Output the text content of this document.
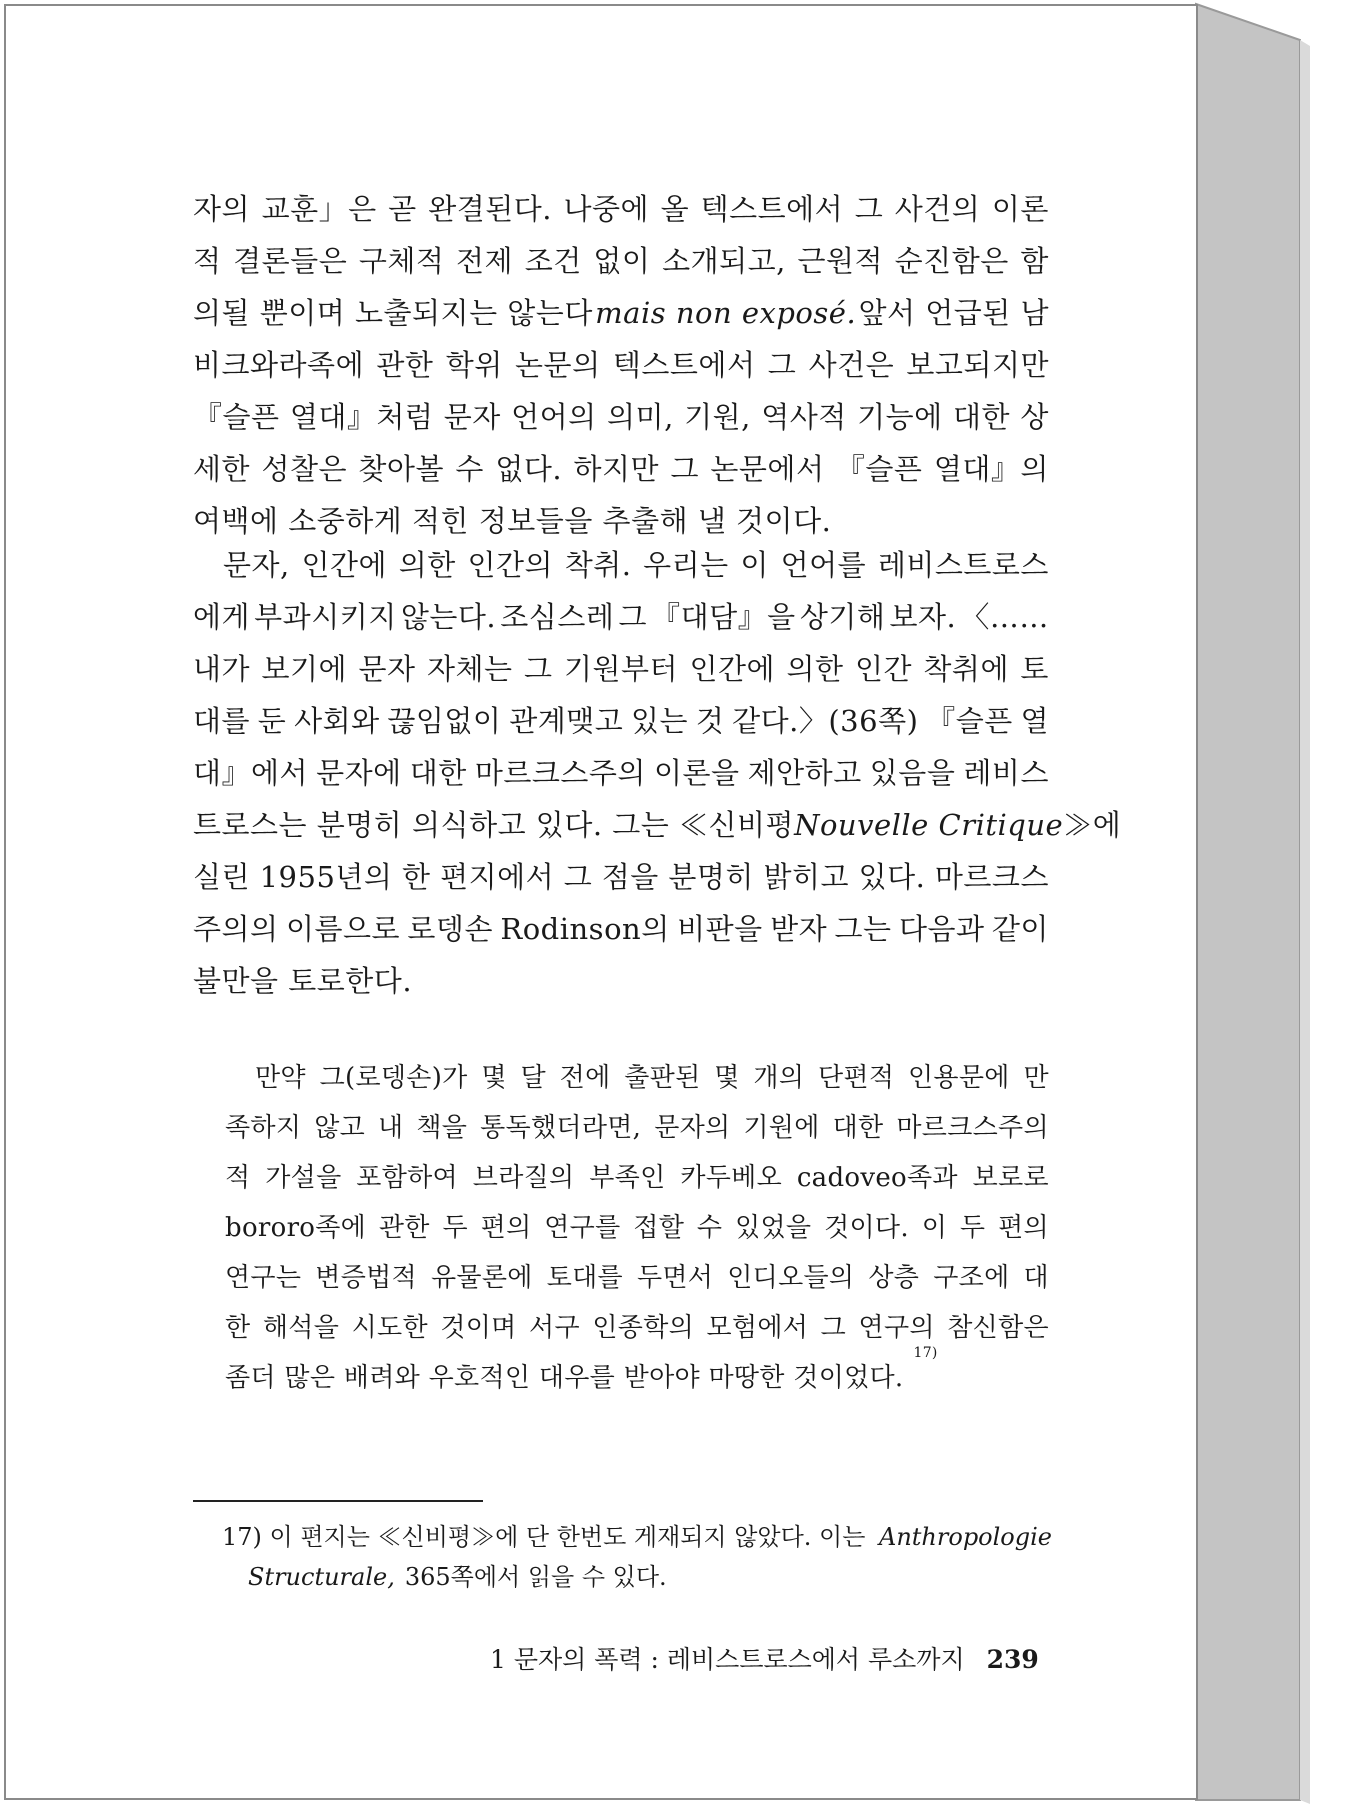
자의 교훈」은 곧 완결된다. 나중에 올 텍스트에서 그 사건의 이론
적 결론들은 구체적 전제 조건 없이 소개되고, 근원적 순진함은 함
의될 뿐이며 노출되지는 않는다 mais non exposé. 앞서 언급된 남
비크와라족에 관한 학위 논문의 텍스트에서 그 사건은 보고되지만
『슬픈 열대』처럼 문자 언어의 의미, 기원, 역사적 기능에 대한 상
세한 성찰은 찾아볼 수 없다. 하지만 그 논문에서 『슬픈 열대』의
여백에 소중하게 적힌 정보들을 추출해 낼 것이다.
문자, 인간에 의한 인간의 착취. 우리는 이 언어를 레비스트로스
에게 부과시키지 않는다. 조심스레 그 『대담』을 상기해 보자. 〈……
내가 보기에 문자 자체는 그 기원부터 인간에 의한 인간 착취에 토
대를 둔 사회와 끊임없이 관계맺고 있는 것 같다.〉(36쪽) 『슬픈 열
대』에서 문자에 대한 마르크스주의 이론을 제안하고 있음을 레비스
트로스는 분명히 의식하고 있다. 그는 ≪신비평 Nouvelle Critique ≫에
실린 1955년의 한 편지에서 그 점을 분명히 밝히고 있다. 마르크스
주의의 이름으로 로뎅손 Rodinson의 비판을 받자 그는 다음과 같이
불만을 토로한다.
만약 그(로뎅손)가 몇 달 전에 출판된 몇 개의 단편적 인용문에 만
족하지 않고 내 책을 통독했더라면, 문자의 기원에 대한 마르크스주의
적 가설을 포함하여 브라질의 부족인 카두베오 cadoveo족과 보로로
bororo족에 관한 두 편의 연구를 접할 수 있었을 것이다. 이 두 편의
연구는 변증법적 유물론에 토대를 두면서 인디오들의 상층 구조에 대
한 해석을 시도한 것이며 서구 인종학의 모험에서 그 연구의 참신함은
좀더 많은 배려와 우호적인 대우를 받아야 마땅한 것이었다.
17)
17) 이 편지는 ≪신비평≫에 단 한번도 게재되지 않았다. 이는 Anthropologie
Structurale, 365쪽에서 읽을 수 있다.
1 문자의 폭력 : 레비스트로스에서 루소까지 239
